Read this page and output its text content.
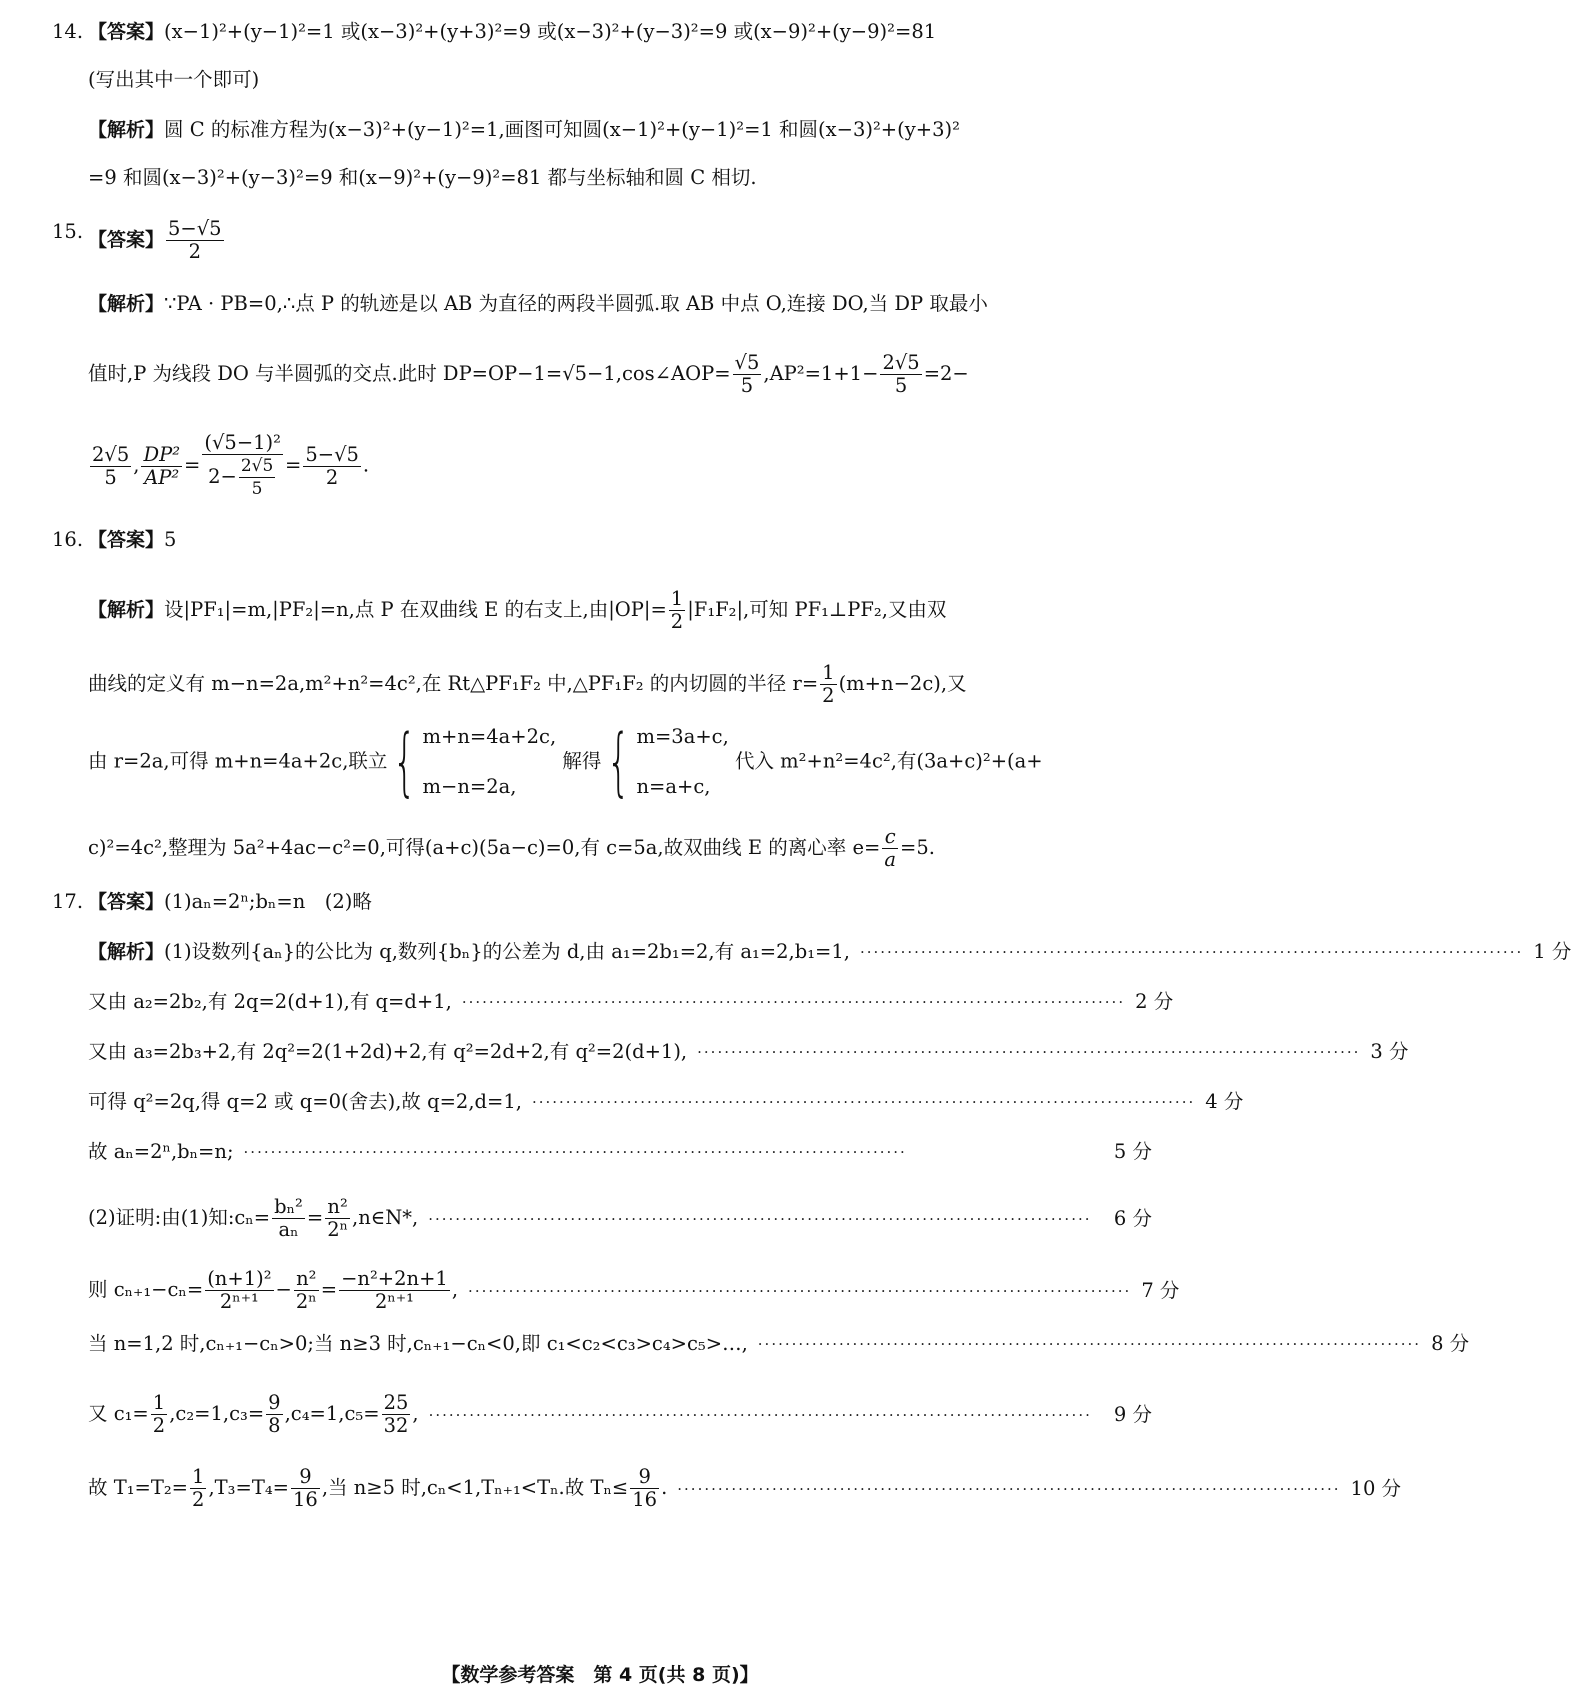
14. 【答案】(x−1)²+(y−1)²=1 或(x−3)²+(y+3)²=9 或(x−3)²+(y−3)²=9 或(x−9)²+(y−9)²=81
(写出其中一个即可)
【解析】圆 C 的标准方程为(x−3)²+(y−1)²=1,画图可知圆(x−1)²+(y−1)²=1 和圆(x−3)²+(y+3)²
=9 和圆(x−3)²+(y−3)²=9 和(x−9)²+(y−9)²=81 都与坐标轴和圆 C 相切.
15. 【答案】 $\frac{5-√5}{2}$
【解析】∵PA · PB=0,∴点 P 的轨迹是以 AB 为直径的两段半圆弧.取 AB 中点 O,连接 DO,当 DP 取最小
值时,P 为线段 DO 与半圆弧的交点.此时 DP=OP−1=√5−1,cos∠AOP= $\frac{√5}{5} ,AP^2=1+1- \frac{2√5}{5} =2-$
$\frac{2√5}{5}$ , $\frac{\text{DP²}}{\text{AP²}} = \frac{\text{(√5−1)²}}{2- \frac{2√5}{5}} = \frac{5-√5}{2}$ .
16. 【答案】5
【解析】设|PF₁|=m,|PF₂|=n,点 P 在双曲线 E 的右支上,由$|OP|= \frac{1}{2} |F_1F_2|$,可知 PF₁⊥PF₂,又由双
曲线的定义有 m−n=2a,m²+n²=4c²,在 Rt△PF₁F₂ 中,△PF₁F₂ 的内切圆的半径 $r= \frac{1}{2} (m+n-2c)$,又
由 r=2a,可得 m+n=4a+2c,联立{ m+n=4a+2c,
m−n=2a,
解得{ m=3a+c,
n=a+c,
代入 m²+n²=4c²,有(3a+c)²+(a+
c)²=4c²,整理为 5a²+4ac−c²=0,可得(a+c)(5a−c)=0,有 c=5a,故双曲线 E 的离心率 $e= \frac{c}{a} =5$.
17. 【答案】(1)aₙ=2ⁿ;bₙ=n　(2)略
【解析】(1)设数列{aₙ}的公比为 q,数列{bₙ}的公差为 d,由 a₁=2b₁=2,有 a₁=2,b₁=1, ·································································································· 1 分
又由 a₂=2b₂,有 2q=2(d+1),有 q=d+1, ·································································································· 2 分
又由 a₃=2b₃+2,有 2q²=2(1+2d)+2,有 q²=2d+2,有 q²=2(d+1), ·································································································· 3 分
可得 q²=2q,得 q=2 或 q=0(舍去),故 q=2,d=1, ·································································································· 4 分
故 aₙ=2ⁿ,bₙ=n; ··································································································	5 分
(2)证明:由(1)知:cₙ= $\frac{\text{bₙ²}}{\text{aₙ}} = \frac{\text{n²}}{\text{2ⁿ}}$ ,n∈N*, ··································································································	6 分
则 $c_{n+1}-c_n= \frac{\text{(n+1)²}}{\text{2ⁿ⁺¹}} - \frac{\text{n²}}{\text{2ⁿ}} = \frac{\text{−n²+2n+1}}{\text{2ⁿ⁺¹}}$ , ·································································································· 7 分
当 n=1,2 时,cₙ₊₁−cₙ>0;当 n≥3 时,cₙ₊₁−cₙ<0,即 c₁<c₂<c₃>c₄>c₅>…, ·································································································· 8 分
又 $c_1= \frac{1}{2} ,c_2=1,c_3= \frac{9}{8} ,c_4=1,c_5= \frac{25}{32}$ , ··································································································	9 分
故 $T_1=T_2= \frac{1}{2} ,T_3=T_4= \frac{9}{16}$ ,当 n≥5 时,cₙ<1,Tₙ₊₁<Tₙ.故 $T_n\le \frac{9}{16}$ . ·································································································· 10 分
【数学参考答案　第 4 页(共 8 页)】
